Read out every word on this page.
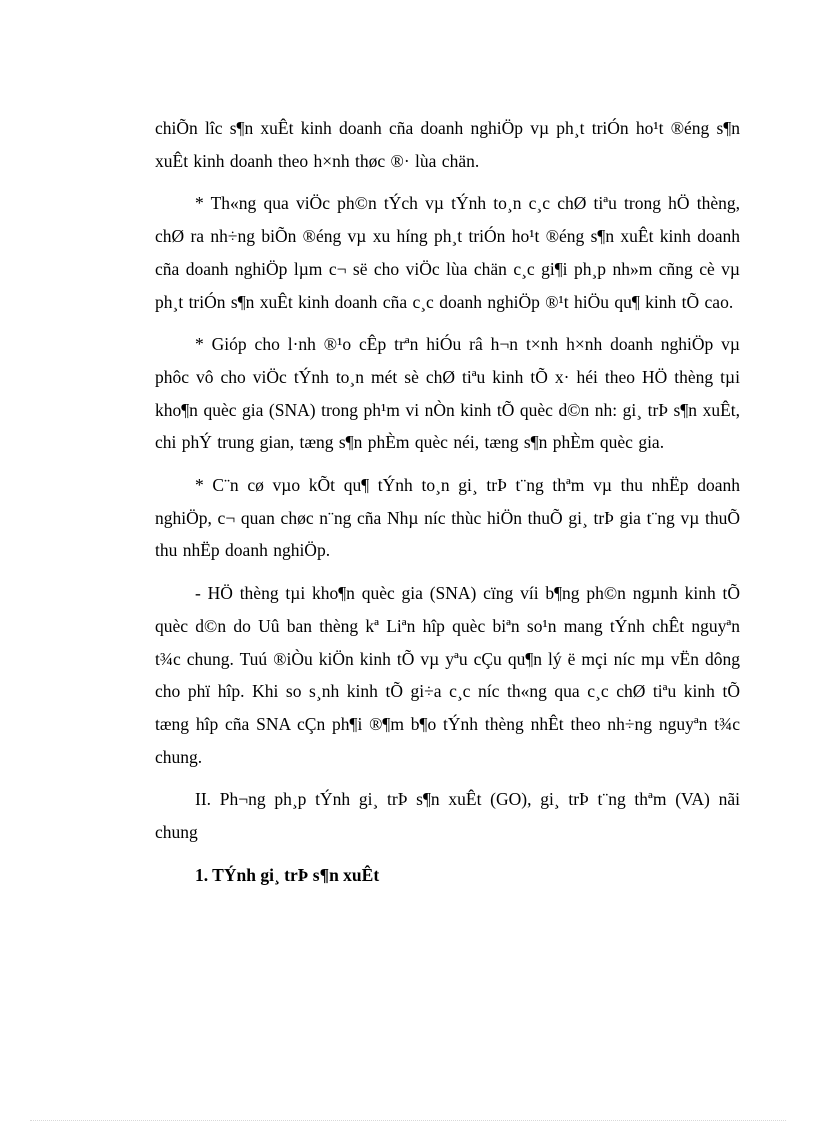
chiÕn lîc s¶n xuÊt kinh doanh cña doanh nghiÖp vµ ph¸t triÓn ho¹t ®éng s¶n xuÊt kinh doanh theo h×nh thøc ®· lùa chän.

* Th«ng qua viÖc ph©n tÝch vµ tÝnh to¸n c¸c chØ tiªu trong hÖ thèng, chØ ra nh÷ng biÕn ®éng vµ xu híng ph¸t triÓn ho¹t ®éng s¶n xuÊt kinh doanh cña doanh nghiÖp lµm c¬ së cho viÖc lùa chän c¸c gi¶i ph¸p nh»m cñng cè vµ ph¸t triÓn s¶n xuÊt kinh doanh cña c¸c doanh nghiÖp ®¹t hiÖu qu¶ kinh tÕ cao.

* Gióp cho l·nh ®¹o cÊp trªn hiÓu râ h¬n t×nh h×nh doanh nghiÖp vµ phôc vô cho viÖc tÝnh to¸n mét sè chØ tiªu kinh tÕ x· héi theo HÖ thèng tµi kho¶n quèc gia (SNA) trong ph¹m vi nÒn kinh tÕ quèc d©n nh: gi¸ trÞ s¶n xuÊt, chi phÝ trung gian, tæng s¶n phÈm quèc néi, tæng s¶n phÈm quèc gia.

* C¨n cø vµo kÕt qu¶ tÝnh to¸n gi¸ trÞ t¨ng thªm vµ thu nhËp doanh nghiÖp, c¬ quan chøc n¨ng cña Nhµ níc thùc hiÖn thuÕ gi¸ trÞ gia t¨ng vµ thuÕ thu nhËp doanh nghiÖp.

- HÖ thèng tµi kho¶n quèc gia (SNA) cïng víi b¶ng ph©n ngµnh kinh tÕ quèc d©n do Uû ban thèng kª Liªn hîp quèc biªn so¹n mang tÝnh chÊt nguyªn t¾c chung. Tuú ®iÒu kiÖn kinh tÕ vµ yªu cÇu qu¶n lý ë mçi níc mµ vËn dông cho phï hîp. Khi so s¸nh kinh tÕ gi÷a c¸c níc th«ng qua c¸c chØ tiªu kinh tÕ tæng hîp cña SNA cÇn ph¶i ®¶m b¶o tÝnh thèng nhÊt theo nh÷ng nguyªn t¾c chung.

II. Ph¬ng ph¸p tÝnh gi¸ trÞ s¶n xuÊt (GO), gi¸ trÞ t¨ng thªm (VA) nãi chung

1. TÝnh gi¸ trÞ s¶n xuÊt
